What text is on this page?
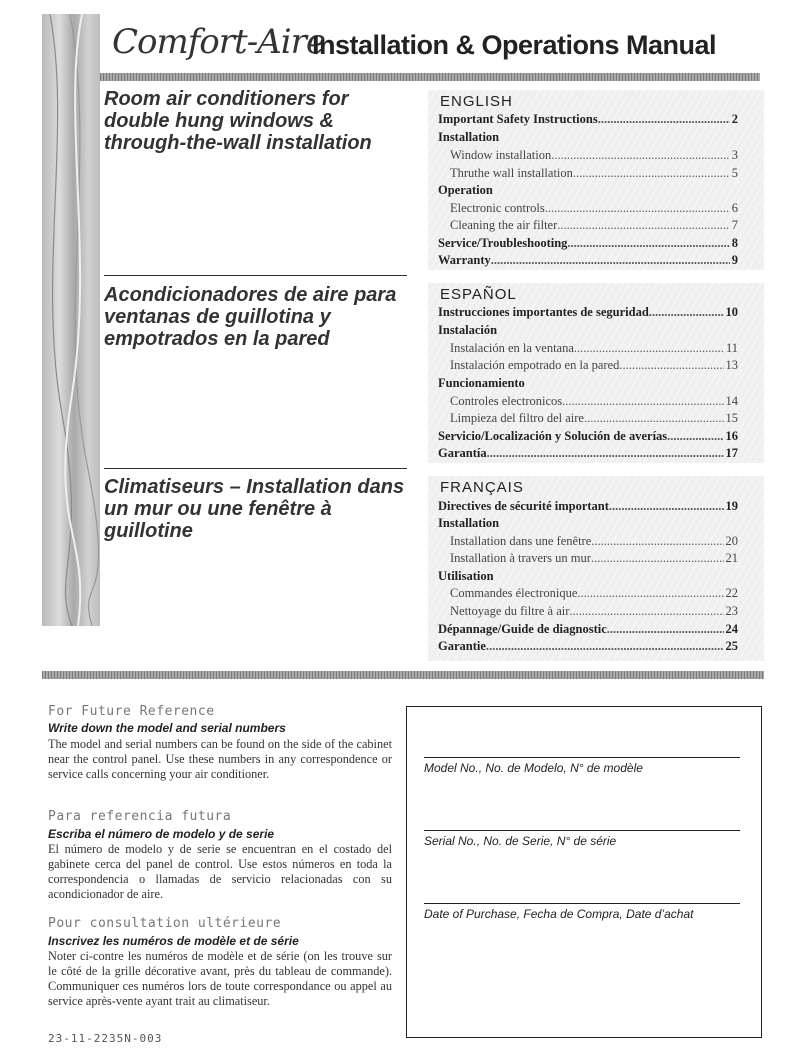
Comfort-Aire
Installation & Operations Manual
Room air conditioners for double hung windows & through-the-wall installation
Acondicionadores de aire para ventanas de guillotina y empotrados en la pared
Climatiseurs – Installation dans un mur ou une fenêtre à guillotine
ENGLISH
Important Safety Instructions .....	2
Installation
Window installation .....	3
Thruthe wall installation .....	5
Operation
Electronic controls .....	6
Cleaning the air filter .....	7
Service/Troubleshooting .....	8
Warranty .....	9
ESPAÑOL
Instrucciones importantes de seguridad .....	10
Instalación
Instalación en la ventana .....	11
Instalación empotrado en la pared .....	13
Funcionamiento
Controles electronicos .....	14
Limpieza del filtro del aire .....	15
Servicio/Localización y Solución de averías .....	16
Garantía .....	17
FRANÇAIS
Directives de sécurité important .....	19
Installation
Installation dans une fenêtre .....	20
Installation à travers un mur .....	21
Utilisation
Commandes électronique .....	22
Nettoyage du filtre à air .....	23
Dépannage/Guide de diagnostic .....	24
Garantie .....	25
For Future Reference
Write down the model and serial numbers
The model and serial numbers can be found on the side of the cabinet near the control panel. Use these numbers in any correspondence or service calls concerning your air conditioner.
Para referencia futura
Escriba el número de modelo y de serie
El número de modelo y de serie se encuentran en el costado del gabinete cerca del panel de control. Use estos números en toda la correspondencia o llamadas de servicio relacionadas con su acondicionador de aire.
Pour consultation ultérieure
Inscrivez les numéros de modèle et de série
Noter ci-contre les numéros de modèle et de série (on les trouve sur le côté de la grille décorative avant, près du tableau de commande). Communiquer ces numéros lors de toute correspondance ou appel au service après-vente ayant trait au climatiseur.
Model No., No. de Modelo, N° de modèle
Serial No., No. de Serie, N° de série
Date of Purchase, Fecha de Compra, Date d’achat
23-11-2235N-003
